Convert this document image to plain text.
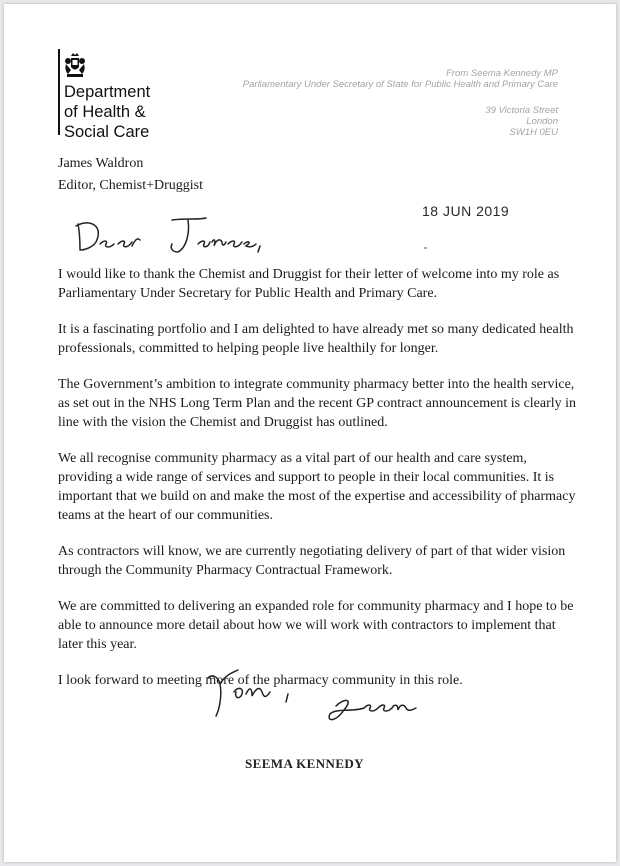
Department
of Health &
Social Care
From Seema Kennedy MP
Parliamentary Under Secretary of State for Public Health and Primary Care
39 Victoria Street
London
SW1H 0EU
James Waldron
Editor, Chemist+Druggist
18 JUN 2019

I would like to thank the Chemist and Druggist for their letter of welcome into my role as Parliamentary Under Secretary for Public Health and Primary Care.

It is a fascinating portfolio and I am delighted to have already met so many dedicated health professionals, committed to helping people live healthily for longer.

The Government’s ambition to integrate community pharmacy better into the health service, as set out in the NHS Long Term Plan and the recent GP contract announcement is clearly in line with the vision the Chemist and Druggist has outlined.

We all recognise community pharmacy as a vital part of our health and care system, providing a wide range of services and support to people in their local communities. It is important that we build on and make the most of the expertise and accessibility of pharmacy teams at the heart of our communities.

As contractors will know, we are currently negotiating delivery of part of that wider vision through the Community Pharmacy Contractual Framework.

We are committed to delivering an expanded role for community pharmacy and I hope to be able to announce more detail about how we will work with contractors to implement that later this year.

I look forward to meeting more of the pharmacy community in this role.

SEEMA KENNEDY
